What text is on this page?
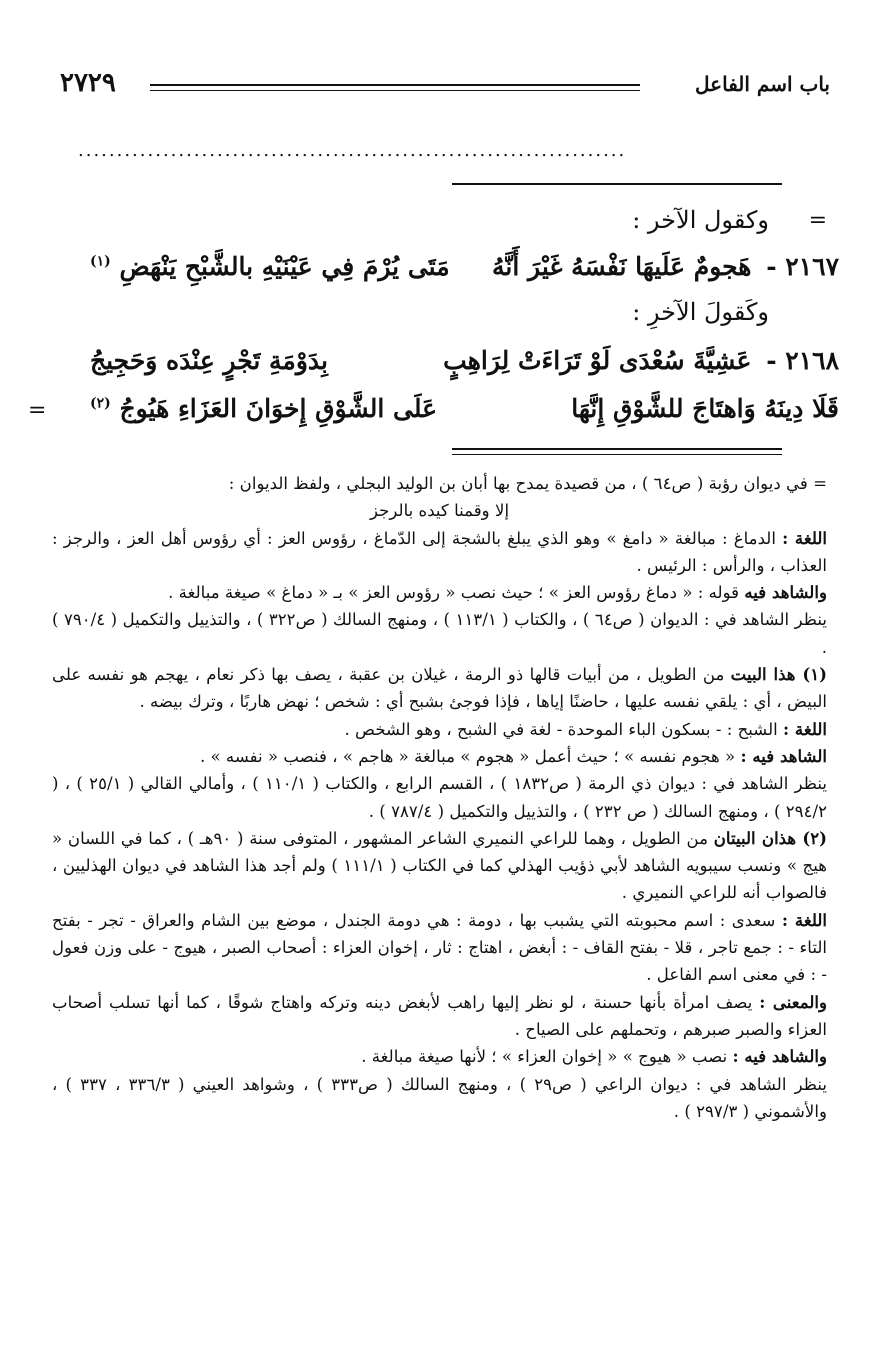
باب اسم الفاعل
٢٧٢٩
.......................................................................
=
وكقول الآخر :
٢١٦٧ - هَجومٌ عَلَيهَا نَفْسَهُ غَيْرَ أَنَّهُ
مَتَى يُرْمَ فِي عَيْنَيْهِ بالشَّبْحِ يَنْهَضِ $^{(١)}$
وكَقولَ الآخرِ :
٢١٦٨ - عَشِيَّةَ سُعْدَى لَوْ تَرَاءَتْ لِرَاهِبٍ
بِدَوْمَةِ تَجْرٍ عِنْدَه وَحَجِيجُ
قَلَا دِينَهُ وَاهتَاجَ للشَّوْقِ إِنَّهَا
عَلَى الشَّوْقِ إِخوَانَ العَزَاءِ هَيُوجُ $^{(٢)}$
=

= في ديوان رؤبة ( ص٦٤ ) ، من قصيدة يمدح بها أبان بن الوليد البجلي ، ولفظ الديوان :

إلا وقمنا كيده بالرجز

اللغة : الدماغ : مبالغة « دامغ » وهو الذي يبلغ بالشجة إلى الدّماغ ، رؤوس العز : أي رؤوس أهل العز ، والرجز : العذاب ، والرأس : الرئيس .

والشاهد فيه قوله : « دماغ رؤوس العز » ؛ حيث نصب « رؤوس العز » بـ « دماغ » صيغة مبالغة .

ينظر الشاهد في : الديوان ( ص٦٤ ) ، والكتاب ( ١١٣/١ ) ، ومنهج السالك ( ص٣٢٢ ) ، والتذييل والتكميل ( ٧٩٠/٤ ) .

(١) هذا البيت من الطويل ، من أبيات قالها ذو الرمة ، غيلان بن عقبة ، يصف بها ذكر نعام ، يهجم هو نفسه على البيض ، أي : يلقي نفسه عليها ، حاضنًا إياها ، فإذا فوجئ بشبح أي : شخص ؛ نهض هاربًا ، وترك بيضه .

اللغة : الشبح : - بسكون الباء الموحدة - لغة في الشبح ، وهو الشخص .

الشاهد فيه : « هجوم نفسه » ؛ حيث أعمل « هجوم » مبالغة « هاجم » ، فنصب « نفسه » .

ينظر الشاهد في : ديوان ذي الرمة ( ص١٨٣٢ ) ، القسم الرابع ، والكتاب ( ١١٠/١ ) ، وأمالي القالي ( ٢٥/١ ) ، ( ٢٩٤/٢ ) ، ومنهج السالك ( ص ٢٣٢ ) ، والتذييل والتكميل ( ٧٨٧/٤ ) .

(٢) هذان البيتان من الطويل ، وهما للراعي النميري الشاعر المشهور ، المتوفى سنة ( ٩٠هـ ) ، كما في اللسان « هيج » ونسب سيبويه الشاهد لأبي ذؤيب الهذلي كما في الكتاب ( ١١١/١ ) ولم أجد هذا الشاهد في ديوان الهذليين ، فالصواب أنه للراعي النميري .

اللغة : سعدى : اسم محبوبته التي يشبب بها ، دومة : هي دومة الجندل ، موضع بين الشام والعراق - تجر - بفتح التاء - : جمع تاجر ، قلا - بفتح القاف - : أبغض ، اهتاج : ثار ، إخوان العزاء : أصحاب الصبر ، هيوج - على وزن فعول - : في معنى اسم الفاعل .

والمعنى : يصف امرأة بأنها حسنة ، لو نظر إليها راهب لأبغض دينه وتركه واهتاج شوقًا ، كما أنها تسلب أصحاب العزاء والصبر صبرهم ، وتحملهم على الصياح .

والشاهد فيه : نصب « هيوج » « إخوان العزاء » ؛ لأنها صيغة مبالغة .

ينظر الشاهد في : ديوان الراعي ( ص٢٩ ) ، ومنهج السالك ( ص٣٣٣ ) ، وشواهد العيني ( ٣٣٦/٣ ، ٣٣٧ ) ، والأشموني ( ٢٩٧/٣ ) .
